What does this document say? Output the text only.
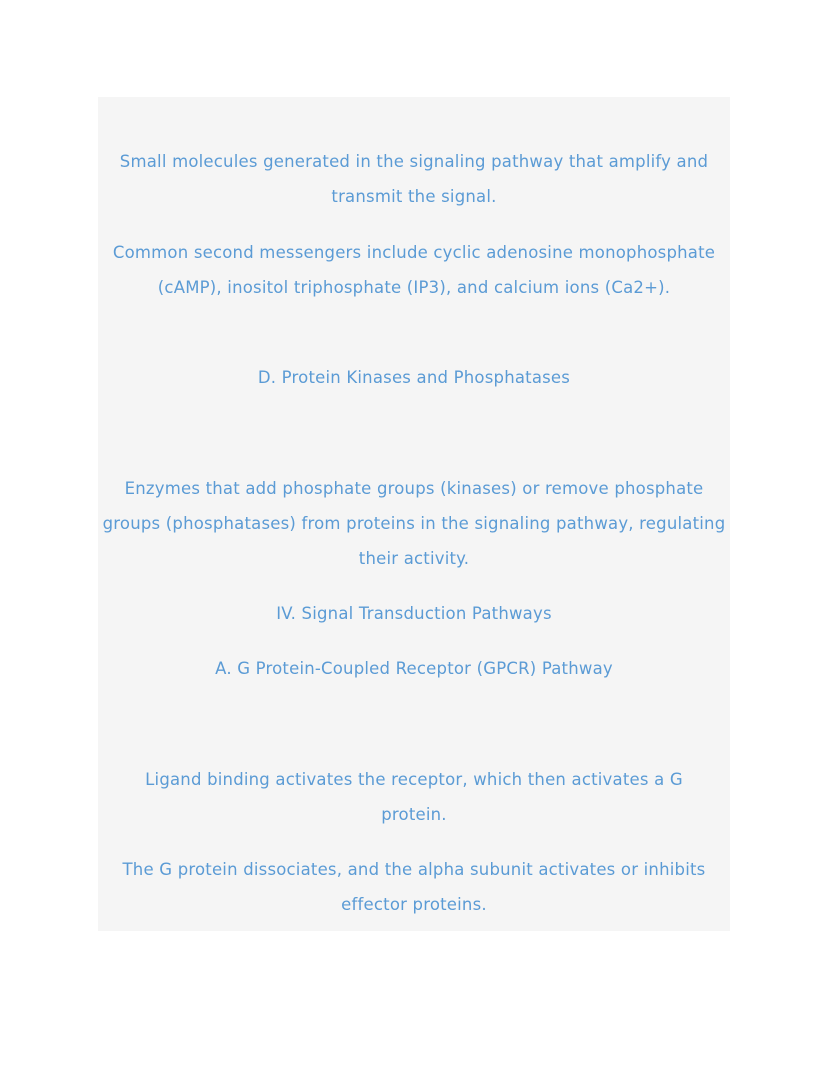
Small molecules generated in the signaling pathway that amplify and transmit the signal.
Common second messengers include cyclic adenosine monophosphate (cAMP), inositol triphosphate (IP3), and calcium ions (Ca2+).
D. Protein Kinases and Phosphatases
Enzymes that add phosphate groups (kinases) or remove phosphate groups (phosphatases) from proteins in the signaling pathway, regulating their activity.
IV. Signal Transduction Pathways
A. G Protein-Coupled Receptor (GPCR) Pathway
Ligand binding activates the receptor, which then activates a G protein.
The G protein dissociates, and the alpha subunit activates or inhibits effector proteins.
